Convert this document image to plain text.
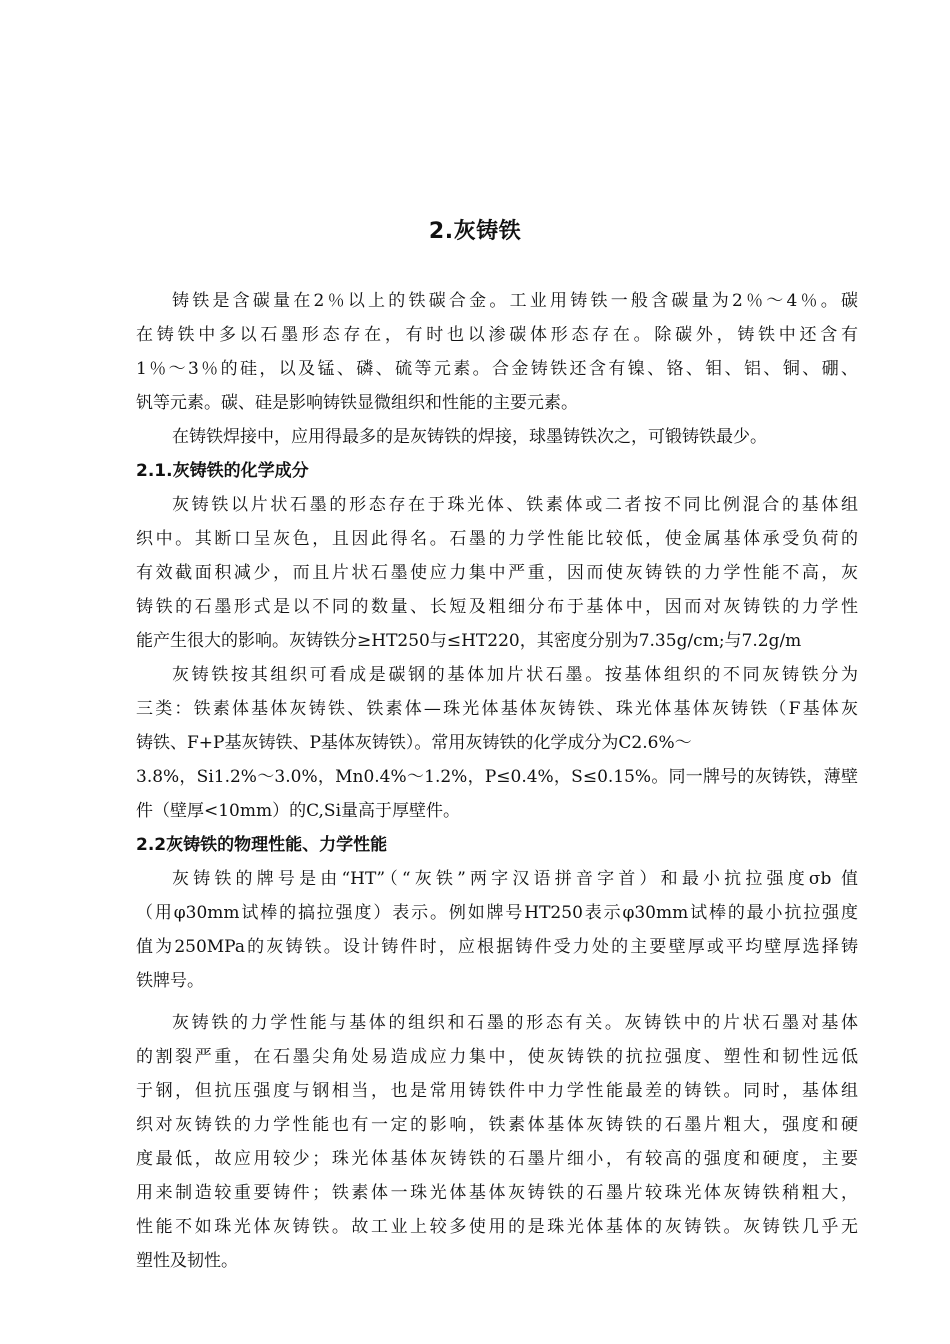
2.灰铸铁
铸铁是含碳量在2％以上的铁碳合金。工业用铸铁一般含碳量为2％～4％。碳
在铸铁中多以石墨形态存在，有时也以渗碳体形态存在。除碳外，铸铁中还含有
1％～3％的硅，以及锰、磷、硫等元素。合金铸铁还含有镍、铬、钼、铝、铜、硼、
钒等元素。碳、硅是影响铸铁显微组织和性能的主要元素。
在铸铁焊接中，应用得最多的是灰铸铁的焊接，球墨铸铁次之，可锻铸铁最少。
2.1.灰铸铁的化学成分
灰铸铁以片状石墨的形态存在于珠光体、铁素体或二者按不同比例混合的基体组
织中。其断口呈灰色，且因此得名。石墨的力学性能比较低，使金属基体承受负荷的
有效截面积减少，而且片状石墨使应力集中严重，因而使灰铸铁的力学性能不高，灰
铸铁的石墨形式是以不同的数量、长短及粗细分布于基体中，因而对灰铸铁的力学性
能产生很大的影响。灰铸铁分≥HT250与≤HT220，其密度分别为7.35g/cm;与7.2g/m
灰铸铁按其组织可看成是碳钢的基体加片状石墨。按基体组织的不同灰铸铁分为
三类：铁素体基体灰铸铁、铁素体—珠光体基体灰铸铁、珠光体基体灰铸铁（F基体灰
铸铁、F+P基灰铸铁、P基体灰铸铁）。常用灰铸铁的化学成分为C2.6%～
3.8%，Si1.2%～3.0%，Mn0.4%～1.2%，P≤0.4%，S≤0.15%。同一牌号的灰铸铁，薄壁
件（壁厚<10mm）的C,Si量高于厚壁件。
2.2灰铸铁的物理性能、力学性能
灰铸铁的牌号是由“HT”（“灰铁”两字汉语拼音字首）和最小抗拉强度σb 值
（用φ30mm试棒的搞拉强度）表示。例如牌号HT250表示φ30mm试棒的最小抗拉强度
值为250MPa的灰铸铁。设计铸件时，应根据铸件受力处的主要壁厚或平均壁厚选择铸
铁牌号。
灰铸铁的力学性能与基体的组织和石墨的形态有关。灰铸铁中的片状石墨对基体
的割裂严重，在石墨尖角处易造成应力集中，使灰铸铁的抗拉强度、塑性和韧性远低
于钢，但抗压强度与钢相当，也是常用铸铁件中力学性能最差的铸铁。同时，基体组
织对灰铸铁的力学性能也有一定的影响，铁素体基体灰铸铁的石墨片粗大，强度和硬
度最低，故应用较少；珠光体基体灰铸铁的石墨片细小，有较高的强度和硬度，主要
用来制造较重要铸件；铁素体一珠光体基体灰铸铁的石墨片较珠光体灰铸铁稍粗大，
性能不如珠光体灰铸铁。故工业上较多使用的是珠光体基体的灰铸铁。灰铸铁几乎无
塑性及韧性。
